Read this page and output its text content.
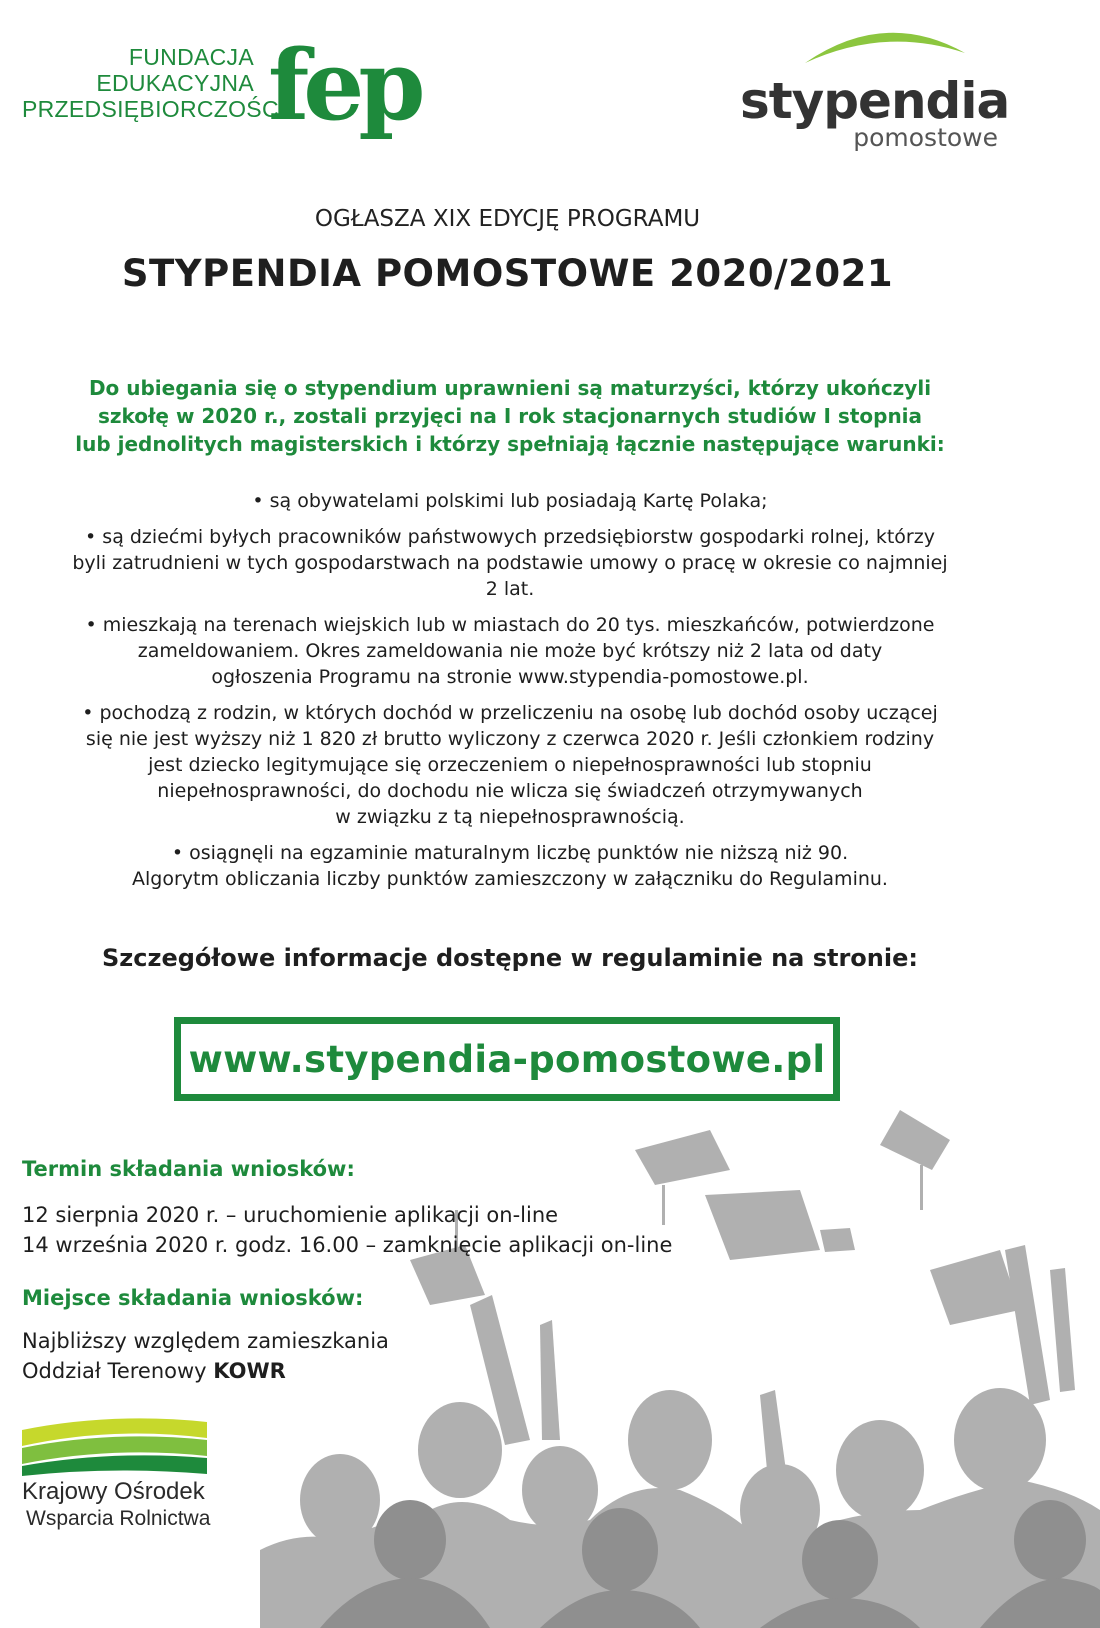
FUNDACJA
EDUKACYJNA
PRZEDSIĘBIORCZOŚCI
fep	stypendia
pomostowe
OGŁASZA XIX EDYCJĘ PROGRAMU
STYPENDIA POMOSTOWE 2020/2021
Do ubiegania się o stypendium uprawnieni są maturzyści, którzy ukończyli
szkołę w 2020 r., zostali przyjęci na I rok stacjonarnych studiów I stopnia
lub jednolitych magisterskich i którzy spełniają łącznie następujące warunki:

• są obywatelami polskimi lub posiadają Kartę Polaka;

• są dziećmi byłych pracowników państwowych przedsiębiorstw gospodarki rolnej, którzy
byli zatrudnieni w tych gospodarstwach na podstawie umowy o pracę w okresie co najmniej
2 lat.

• mieszkają na terenach wiejskich lub w miastach do 20 tys. mieszkańców, potwierdzone
zameldowaniem. Okres zameldowania nie może być krótszy niż 2 lata od daty
ogłoszenia Programu na stronie www.stypendia-pomostowe.pl.

• pochodzą z rodzin, w których dochód w przeliczeniu na osobę lub dochód osoby uczącej
się nie jest wyższy niż 1 820 zł brutto wyliczony z czerwca 2020 r. Jeśli członkiem rodziny
jest dziecko legitymujące się orzeczeniem o niepełnosprawności lub stopniu
niepełnosprawności, do dochodu nie wlicza się świadczeń otrzymywanych
w związku z tą niepełnosprawnością.

• osiągnęli na egzaminie maturalnym liczbę punktów nie niższą niż 90.
Algorytm obliczania liczby punktów zamieszczony w załączniku do Regulaminu.

Szczegółowe informacje dostępne w regulaminie na stronie:
www.stypendia-pomostowe.pl
Termin składania wniosków:
12 sierpnia 2020 r. – uruchomienie aplikacji on-line
14 września 2020 r. godz. 16.00 – zamknięcie aplikacji on-line
Miejsce składania wniosków:
Najbliższy względem zamieszkania
Oddział Terenowy KOWR
Krajowy Ośrodek
Wsparcia Rolnictwa
